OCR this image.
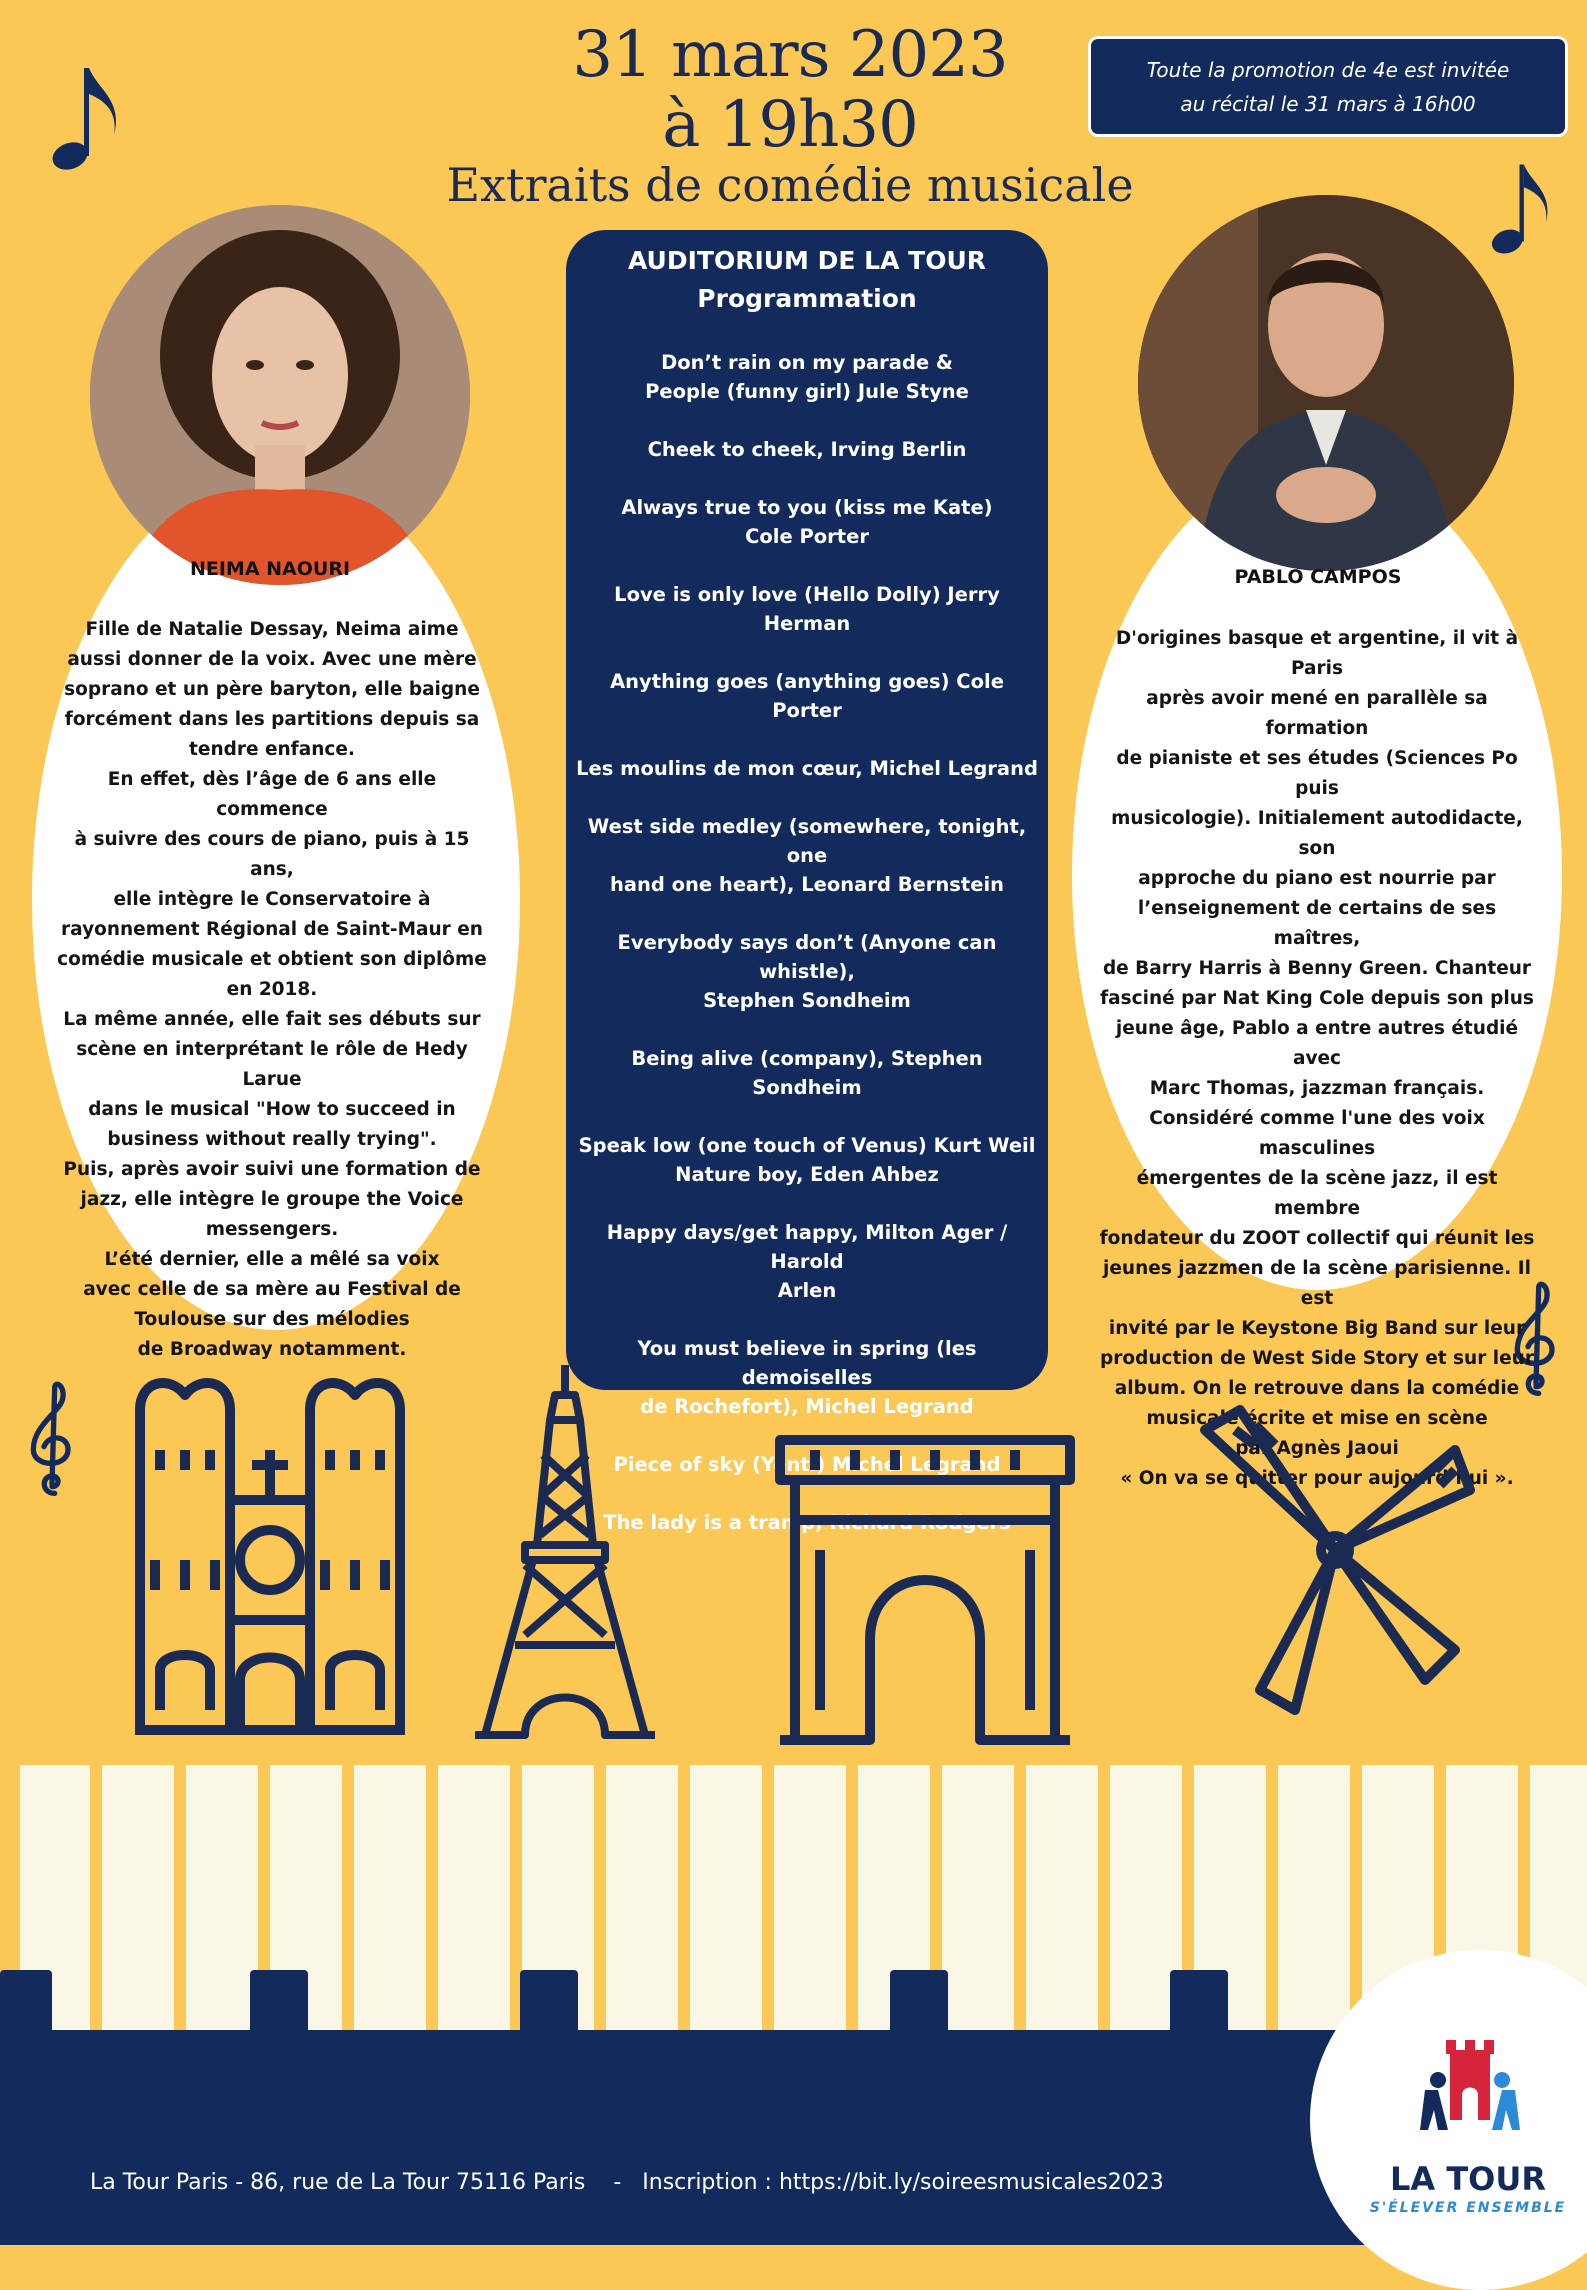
31 mars 2023
à 19h30
Extraits de comédie musicale
Toute la promotion de 4e est invitée
au récital le 31 mars à 16h00
NEIMA NAOURI	PABLO CAMPOS
Fille de Natalie Dessay, Neima aime
aussi donner de la voix. Avec une mère
soprano et un père baryton, elle baigne
forcément dans les partitions depuis sa
tendre enfance.
En effet, dès l’âge de 6 ans elle commence
à suivre des cours de piano, puis à 15 ans,
elle intègre le Conservatoire à
rayonnement Régional de Saint-Maur en
comédie musicale et obtient son diplôme
en 2018.
La même année, elle fait ses débuts sur
scène en interprétant le rôle de Hedy Larue
dans le musical "How to succeed in
business without really trying".
Puis, après avoir suivi une formation de
jazz, elle intègre le groupe the Voice
messengers.
L’été dernier, elle a mêlé sa voix
avec celle de sa mère au Festival de
Toulouse sur des mélodies
de Broadway notamment.
D'origines basque et argentine, il vit à Paris
après avoir mené en parallèle sa formation
de pianiste et ses études (Sciences Po puis
musicologie). Initialement autodidacte, son
approche du piano est nourrie par
l’enseignement de certains de ses maîtres,
de Barry Harris à Benny Green. Chanteur
fasciné par Nat King Cole depuis son plus
jeune âge, Pablo a entre autres étudié avec
Marc Thomas, jazzman français.
Considéré comme l'une des voix masculines
émergentes de la scène jazz, il est membre
fondateur du ZOOT collectif qui réunit les
jeunes jazzmen de la scène parisienne. Il est
invité par le Keystone Big Band sur leur
production de West Side Story et sur leur
album. On le retrouve dans la comédie
musicale écrite et mise en scène
par Agnès Jaoui
« On va se quitter pour aujourd’hui ».
AUDITORIUM DE LA TOUR
Programmation
Don’t rain on my parade &
People (funny girl) Jule Styne
Cheek to cheek, Irving Berlin
Always true to you (kiss me Kate)
Cole Porter
Love is only love (Hello Dolly) Jerry Herman
Anything goes (anything goes) Cole Porter
Les moulins de mon cœur, Michel Legrand
West side medley (somewhere, tonight, one
hand one heart), Leonard Bernstein
Everybody says don’t (Anyone can whistle),
Stephen Sondheim
Being alive (company), Stephen Sondheim
Speak low (one touch of Venus) Kurt Weil
Nature boy, Eden Ahbez
Happy days/get happy, Milton Ager / Harold
Arlen
You must believe in spring (les demoiselles
de Rochefort), Michel Legrand
Piece of sky (Yentl) Michel Legrand
The lady is a tramp, Richard Rodgers
La Tour Paris - 86, rue de La Tour 75116 Paris    -   Inscription : https://bit.ly/soireesmusicales2023	LA TOUR
S'ÉLEVER ENSEMBLE
